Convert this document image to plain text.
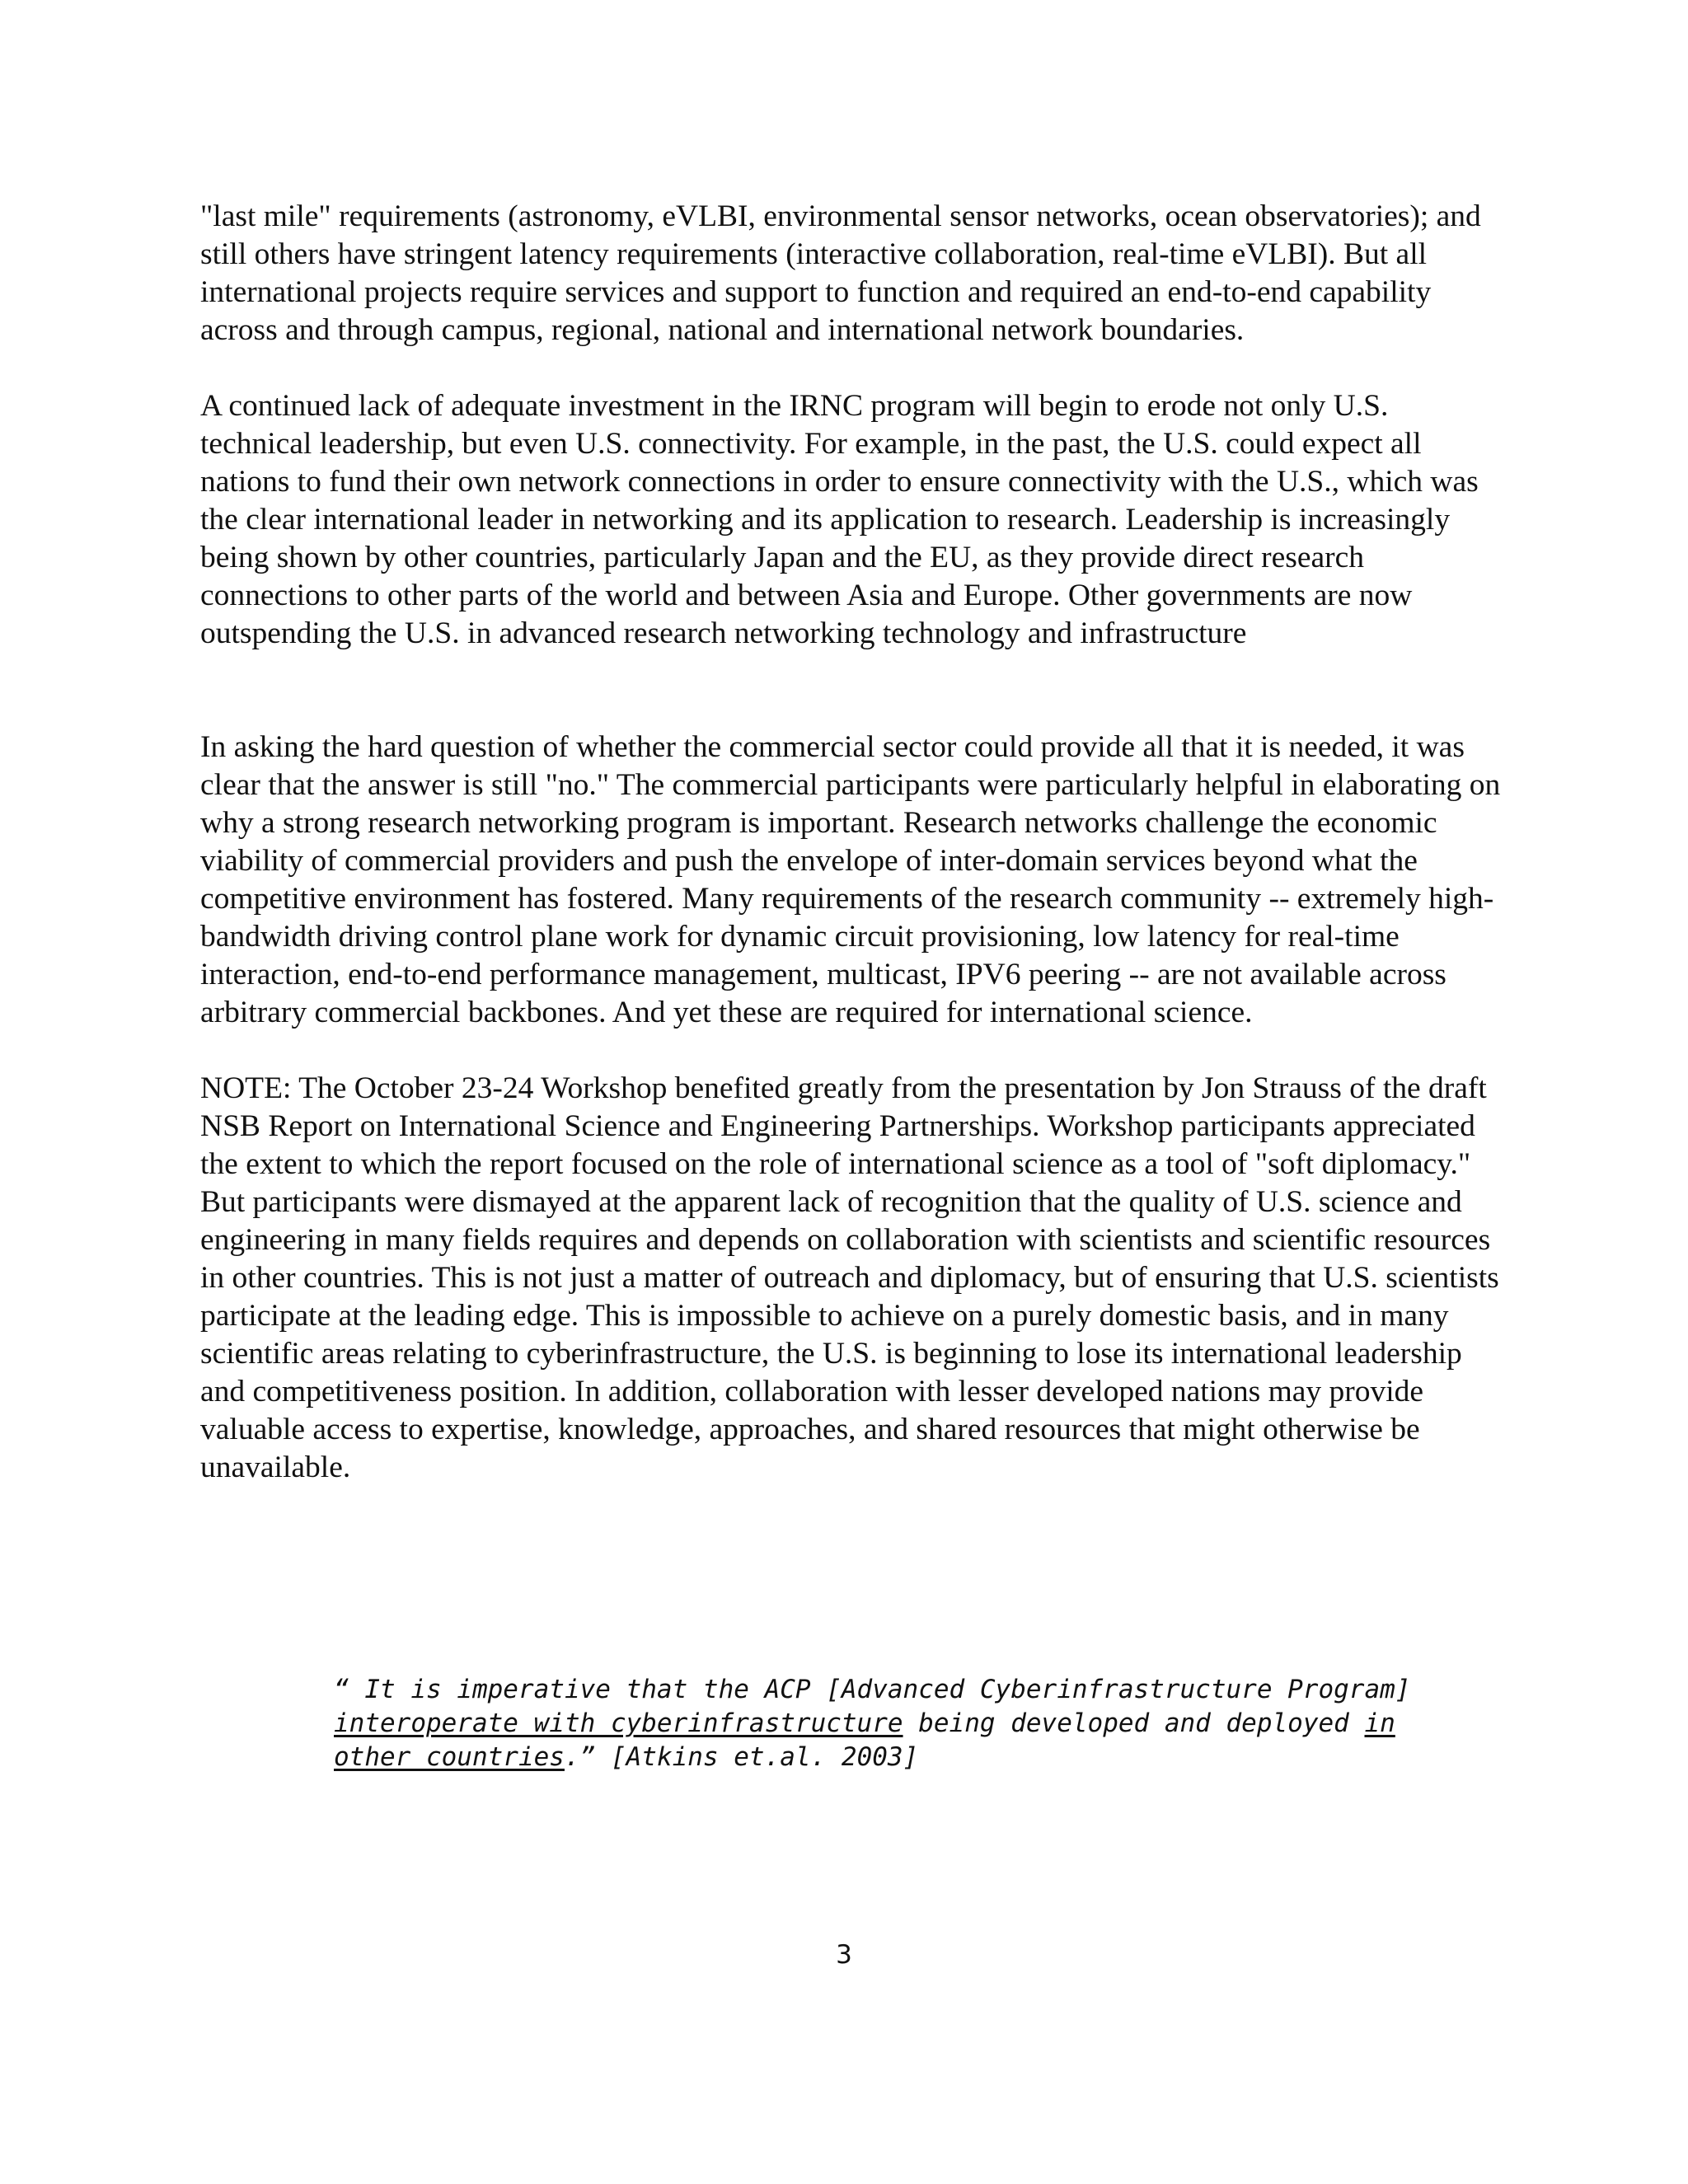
"last mile" requirements (astronomy, eVLBI, environmental sensor networks, ocean observatories); and still others have stringent latency requirements (interactive collaboration, real-time eVLBI). But all international projects require services and support to function and required an end-to-end capability across and through campus, regional, national and international network boundaries.

A continued lack of adequate investment in the IRNC program will begin to erode not only U.S. technical leadership, but even U.S. connectivity. For example, in the past, the U.S. could expect all nations to fund their own network connections in order to ensure connectivity with the U.S., which was the clear international leader in networking and its application to research. Leadership is increasingly being shown by other countries, particularly Japan and the EU, as they provide direct research connections to other parts of the world and between Asia and Europe. Other governments are now outspending the U.S. in advanced research networking technology and infrastructure

In asking the hard question of whether the commercial sector could provide all that it is needed, it was clear that the answer is still "no." The commercial participants were particularly helpful in elaborating on why a strong research networking program is important. Research networks challenge the economic viability of commercial providers and push the envelope of inter-domain services beyond what the competitive environment has fostered. Many requirements of the research community -- extremely high-bandwidth driving control plane work for dynamic circuit provisioning, low latency for real-time interaction, end-to-end performance management, multicast, IPV6 peering -- are not available across arbitrary commercial backbones. And yet these are required for international science.

NOTE: The October 23-24 Workshop benefited greatly from the presentation by Jon Strauss of the draft NSB Report on International Science and Engineering Partnerships. Workshop participants appreciated the extent to which the report focused on the role of international science as a tool of "soft diplomacy." But participants were dismayed at the apparent lack of recognition that the quality of U.S. science and engineering in many fields requires and depends on collaboration with scientists and scientific resources in other countries. This is not just a matter of outreach and diplomacy, but of ensuring that U.S. scientists participate at the leading edge. This is impossible to achieve on a purely domestic basis, and in many scientific areas relating to cyberinfrastructure, the U.S. is beginning to lose its international leadership and competitiveness position. In addition, collaboration with lesser developed nations may provide valuable access to expertise, knowledge, approaches, and shared resources that might otherwise be unavailable.

“ It is imperative that the ACP [Advanced Cyberinfrastructure Program] interoperate with cyberinfrastructure being developed and deployed in other countries.” [Atkins et.al. 2003]
3
